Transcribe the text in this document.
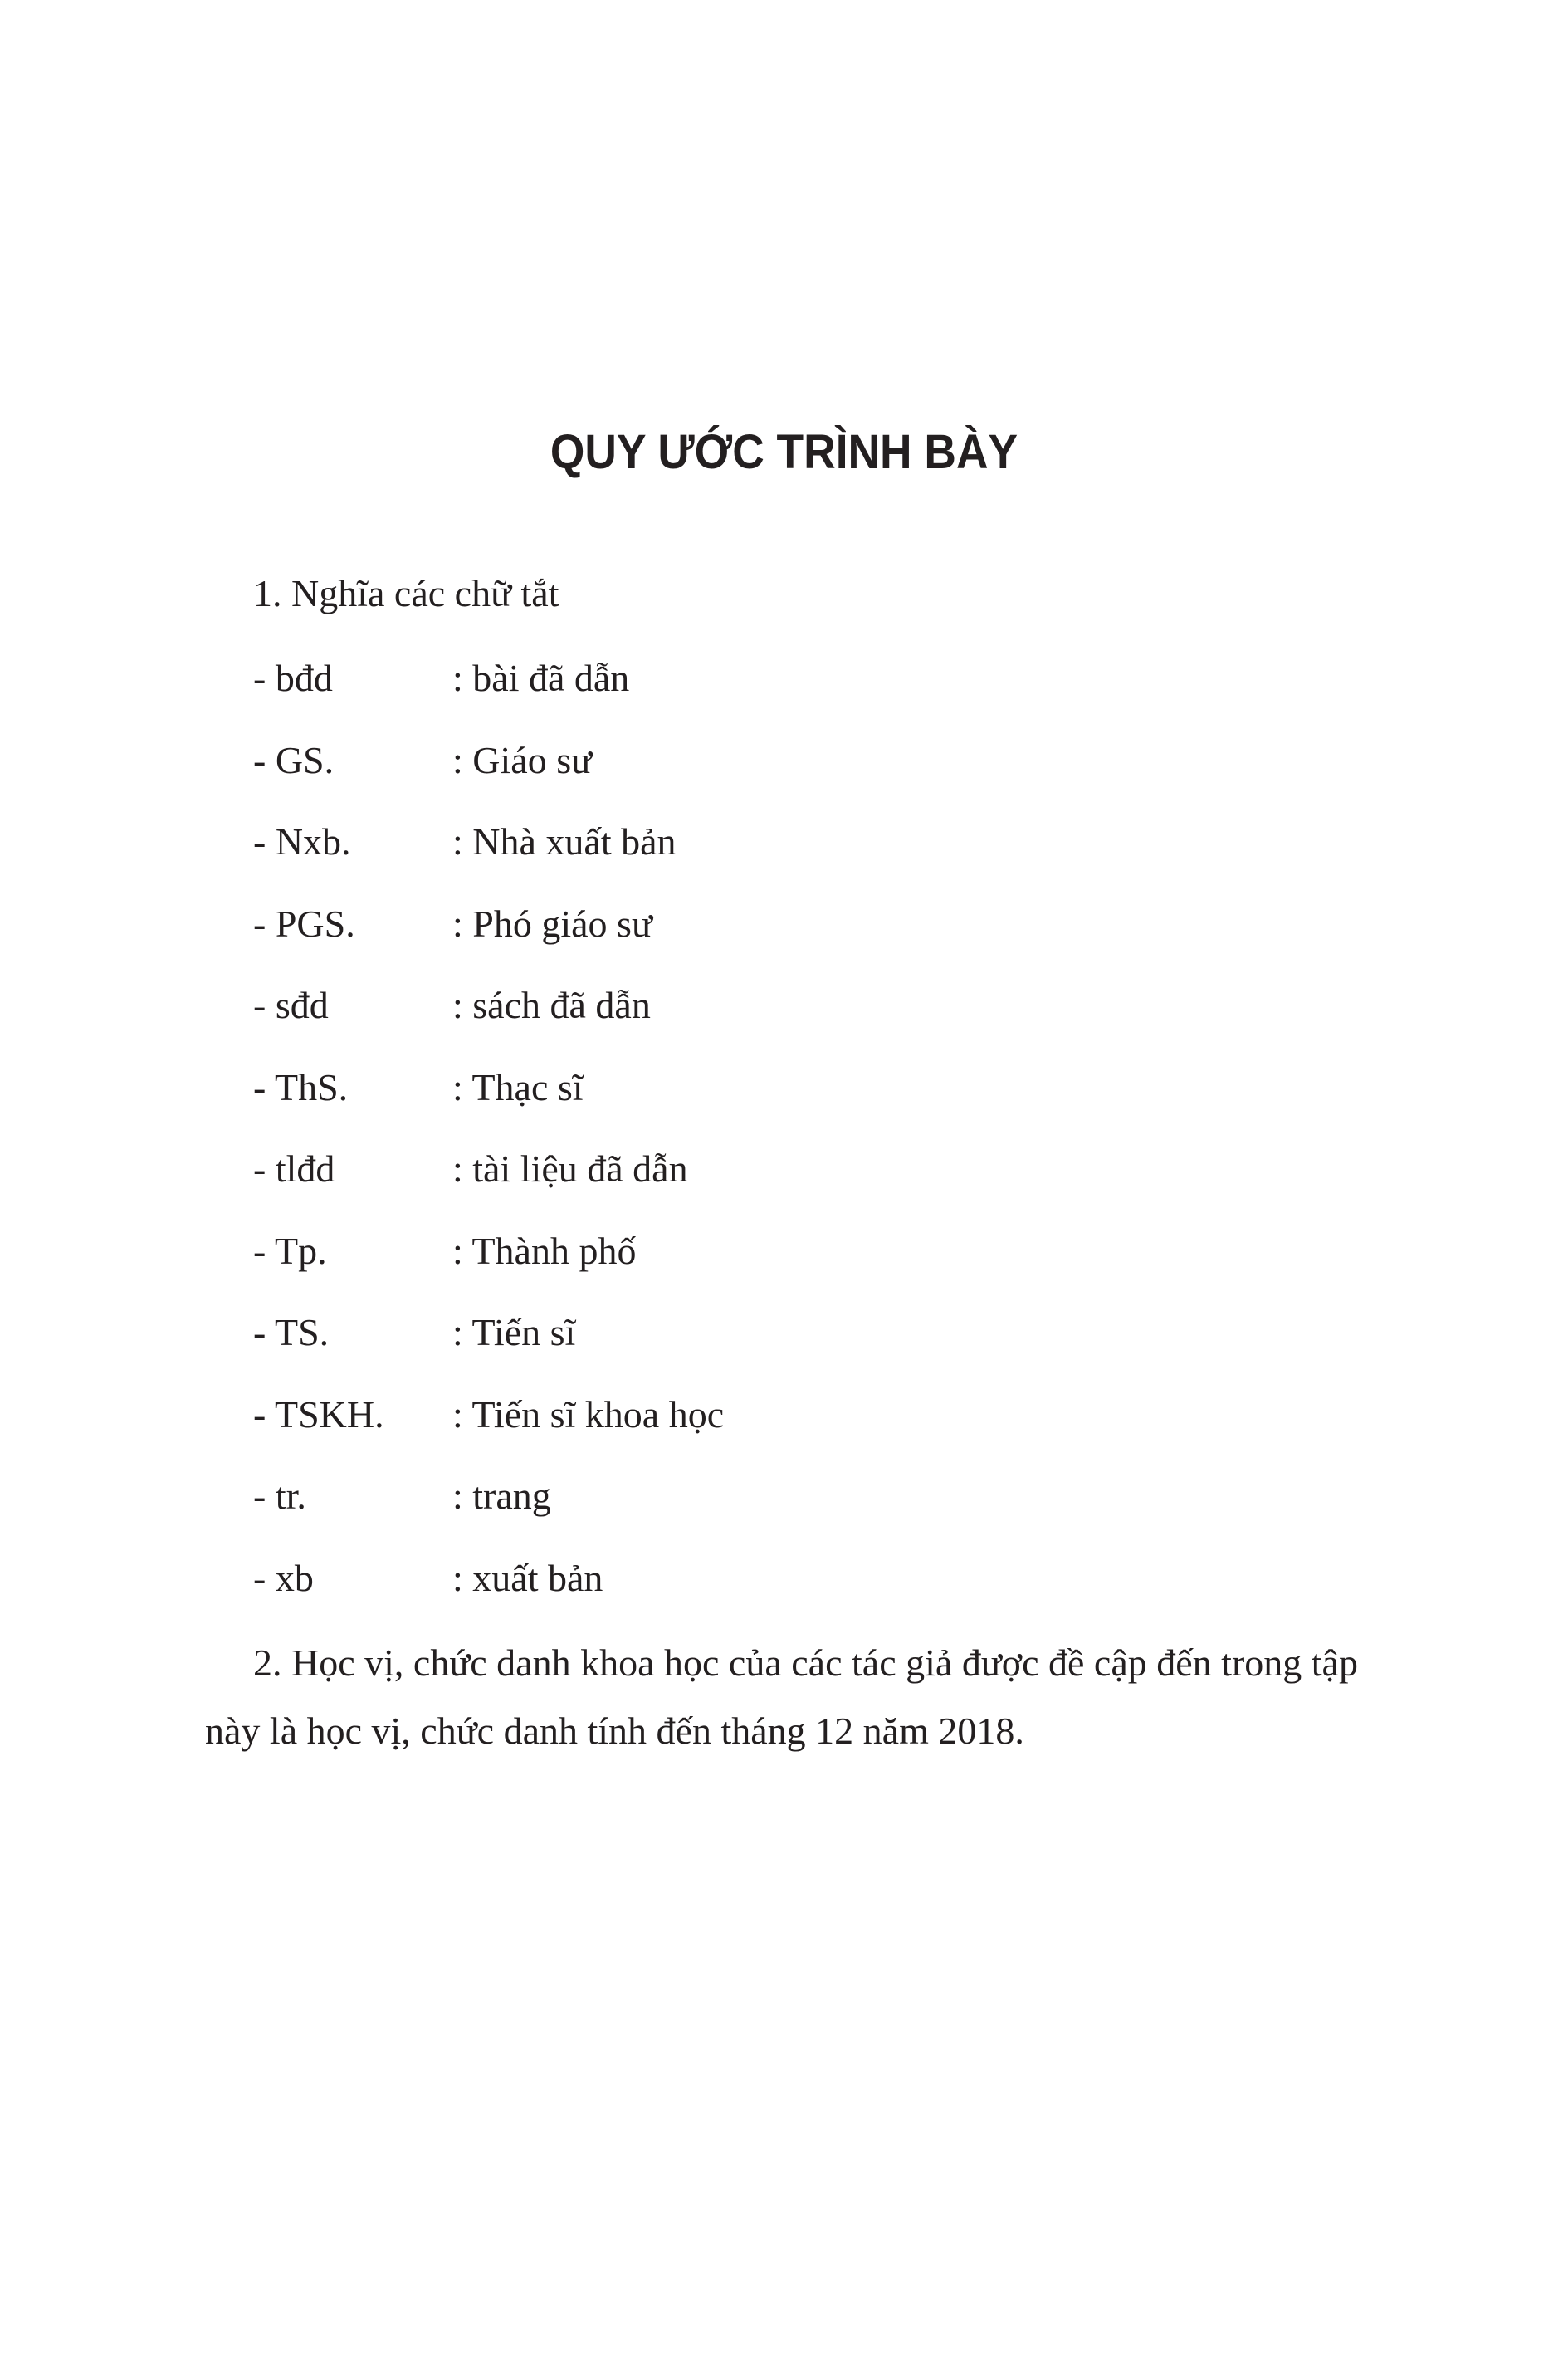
QUY ƯỚC TRÌNH BÀY
1. Nghĩa các chữ tắt
- bđd	: bài đã dẫn
- GS.	: Giáo sư
- Nxb.	: Nhà xuất bản
- PGS.	: Phó giáo sư
- sđd	: sách đã dẫn
- ThS.	: Thạc sĩ
- tlđd	: tài liệu đã dẫn
- Tp.	: Thành phố
- TS.	: Tiến sĩ
- TSKH.	: Tiến sĩ khoa học
- tr.	: trang
- xb	: xuất bản
2. Học vị, chức danh khoa học của các tác giả được đề cập đến trong tập này là học vị, chức danh tính đến tháng 12 năm 2018.
